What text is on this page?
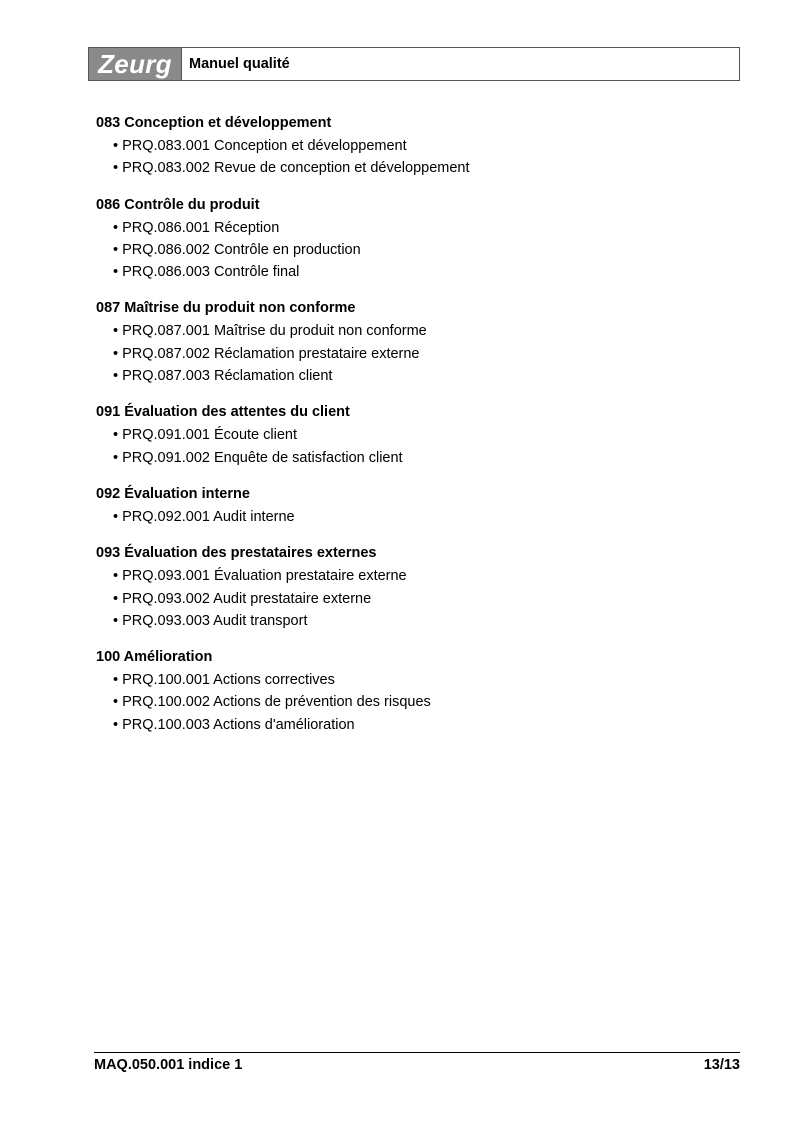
Zeurg	Manuel qualité
083 Conception et développement
• PRQ.083.001 Conception et développement
• PRQ.083.002 Revue de conception et développement
086 Contrôle du produit
• PRQ.086.001 Réception
• PRQ.086.002 Contrôle en production
• PRQ.086.003 Contrôle final
087 Maîtrise du produit non conforme
• PRQ.087.001 Maîtrise du produit non conforme
• PRQ.087.002 Réclamation prestataire externe
• PRQ.087.003 Réclamation client
091 Évaluation des attentes du client
• PRQ.091.001 Écoute client
• PRQ.091.002 Enquête de satisfaction client
092 Évaluation interne
• PRQ.092.001 Audit interne
093 Évaluation des prestataires externes
• PRQ.093.001 Évaluation prestataire externe
• PRQ.093.002 Audit prestataire externe
• PRQ.093.003 Audit transport
100 Amélioration
• PRQ.100.001 Actions correctives
• PRQ.100.002 Actions de prévention des risques
• PRQ.100.003 Actions d'amélioration
MAQ.050.001 indice 1	13/13
